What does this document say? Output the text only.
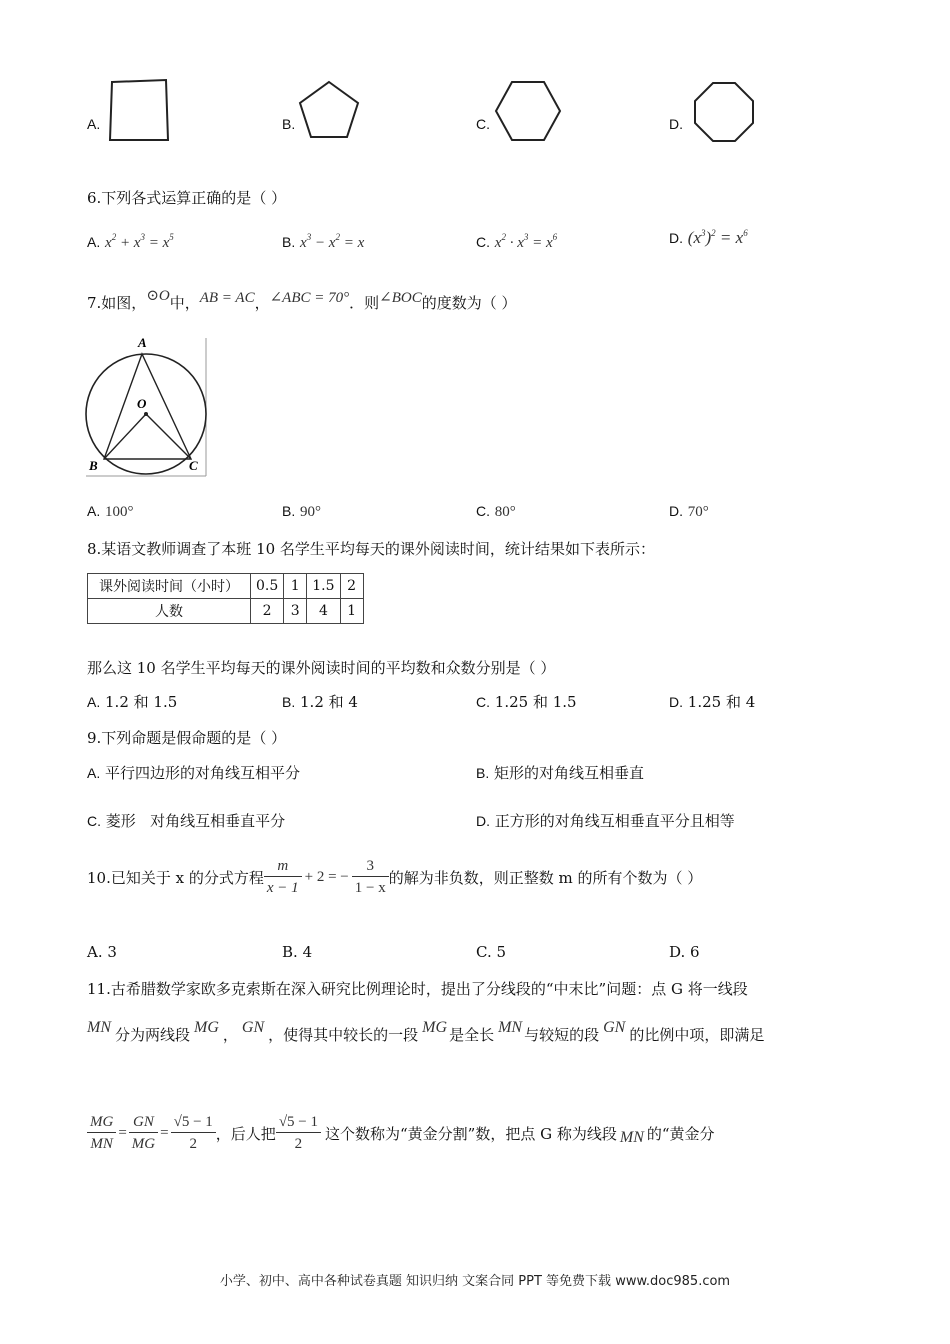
A.	B.	C.	D.
6.下列各式运算正确的是（ ）
A. $x^2 + x^3 = x^5$	B. $x^3 - x^2 = x$	C. $x^2 \cdot x^3 = x^6$	D. $(x^3)^2 = x^6$
7.如图，⊙O中，AB = AC，∠ABC = 70°．则∠BOC的度数为（ ）
A
O
B	C
A. 100°	B. 90°	C. 80°	D. 70°
8.某语文教师调查了本班 10 名学生平均每天的课外阅读时间，统计结果如下表所示：
课外阅读时间（小时）	0.5	1	1.5	2
人数	2	3	4	1
那么这 10 名学生平均每天的课外阅读时间的平均数和众数分别是（ ）
A. 1.2 和 1.5	B. 1.2 和 4	C. 1.25 和 1.5	D. 1.25 和 4
9.下列命题是假命题的是（ ）
A. 平行四边形的对角线互相平分	B. 矩形的对角线互相垂直
C. 菱形   对角线互相垂直平分	D. 正方形的对角线互相垂直平分且相等
10.已知关于 x 的分式方程 $\frac{m}{x - 1} + 2$ = − $\frac{3}{1 - x}$ 的解为非负数，则正整数 m 的所有个数为（ ）
A. 3	B. 4	C. 5	D. 6
11.古希腊数学家欧多克索斯在深入研究比例理论时，提出了分线段的“中末比”问题：点 G 将一线段
MN 分为两线段 MG ， GN ，使得其中较长的一段 MG 是全长 MN 与较短的段 GN 的比例中项，即满足
$\frac{MG}{MN} = \frac{GN}{MG} = \frac{√5 - 1}{2}$ ，后人把 $\frac{√5 - 1}{2}$ 这个数称为“黄金分割”数，把点 G 称为线段 MN 的“黄金分
小学、初中、高中各种试卷真题 知识归纳 文案合同 PPT 等免费下载 www.doc985.com
